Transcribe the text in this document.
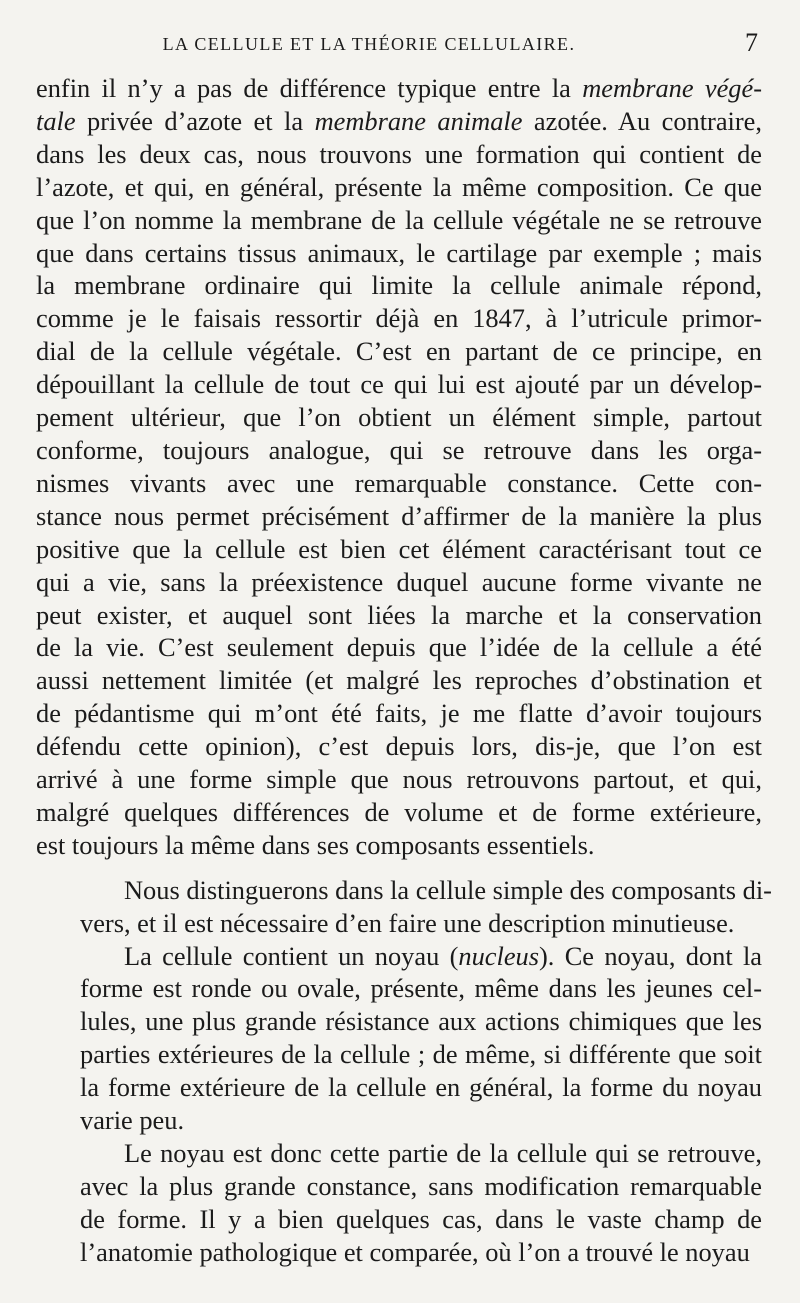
LA CELLULE ET LA THÉORIE CELLULAIRE.	7
enfin il n’y a pas de différence typique entre la membrane végé-
tale privée d’azote et la membrane animale azotée. Au contraire,
dans les deux cas, nous trouvons une formation qui contient de
l’azote, et qui, en général, présente la même composition. Ce que
que l’on nomme la membrane de la cellule végétale ne se retrouve
que dans certains tissus animaux, le cartilage par exemple ; mais
la membrane ordinaire qui limite la cellule animale répond,
comme je le faisais ressortir déjà en 1847, à l’utricule primor-
dial de la cellule végétale. C’est en partant de ce principe, en
dépouillant la cellule de tout ce qui lui est ajouté par un dévelop-
pement ultérieur, que l’on obtient un élément simple, partout
conforme, toujours analogue, qui se retrouve dans les orga-
nismes vivants avec une remarquable constance. Cette con-
stance nous permet précisément d’affirmer de la manière la plus
positive que la cellule est bien cet élément caractérisant tout ce
qui a vie, sans la préexistence duquel aucune forme vivante ne
peut exister, et auquel sont liées la marche et la conservation
de la vie. C’est seulement depuis que l’idée de la cellule a été
aussi nettement limitée (et malgré les reproches d’obstination et
de pédantisme qui m’ont été faits, je me flatte d’avoir toujours
défendu cette opinion), c’est depuis lors, dis-je, que l’on est
arrivé à une forme simple que nous retrouvons partout, et qui,
malgré quelques différences de volume et de forme extérieure,
est toujours la même dans ses composants essentiels.
Nous distinguerons dans la cellule simple des composants di-
vers, et il est nécessaire d’en faire une description minutieuse.
La cellule contient un noyau (nucleus). Ce noyau, dont la
forme est ronde ou ovale, présente, même dans les jeunes cel-
lules, une plus grande résistance aux actions chimiques que les
parties extérieures de la cellule ; de même, si différente que soit
la forme extérieure de la cellule en général, la forme du noyau
varie peu.
Le noyau est donc cette partie de la cellule qui se retrouve,
avec la plus grande constance, sans modification remarquable
de forme. Il y a bien quelques cas, dans le vaste champ de
l’anatomie pathologique et comparée, où l’on a trouvé le noyau
